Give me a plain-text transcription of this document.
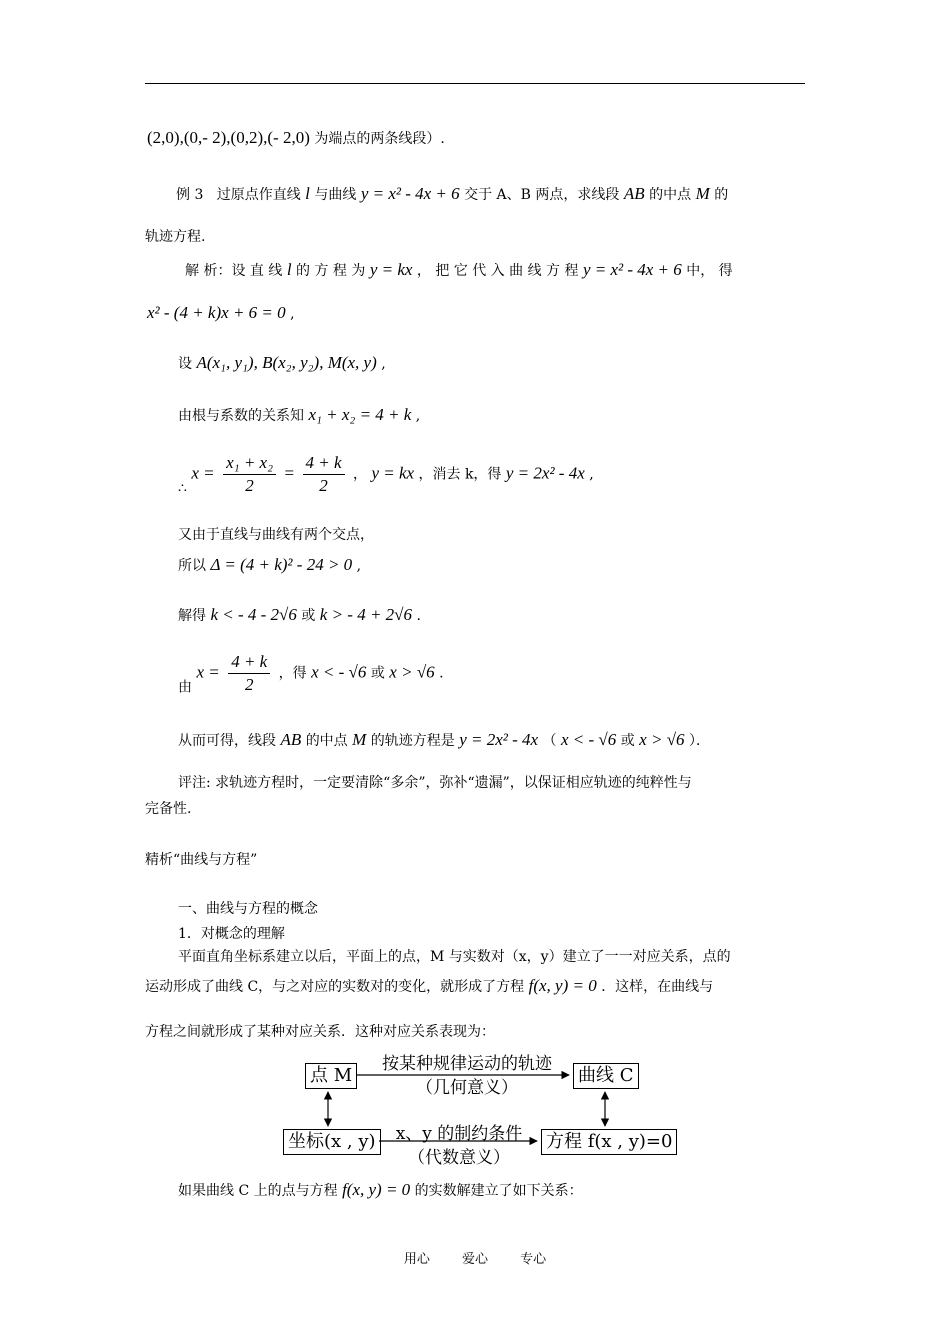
(2,0),(0,- 2),(0,2),(- 2,0) 为端点的两条线段）.
例 3 过原点作直线 l 与曲线 y = x² - 4x + 6 交于 A、B 两点，求线段 AB 的中点 M 的
轨迹方程.
解 析：设 直 线 l 的 方 程 为 y = kx ， 把 它 代 入 曲 线 方 程 y = x² - 4x + 6 中， 得
x² - (4 + k)x + 6 = 0 ,
设 A(x₁, y₁), B(x₂, y₂), M(x, y) ,
由根与系数的关系知 x₁ + x₂ = 4 + k ,
∴ $x = \frac{\text{x₁ + x₂}}{2} = \frac{4 + k}{2}$ ， y = kx ，消去 k，得 y = 2x² - 4x ,
又由于直线与曲线有两个交点，
所以 Δ = (4 + k)² - 24 > 0 ,
解得 k < - 4 - 2√6 或 k > - 4 + 2√6 .
由 $x = \frac{4 + k}{2}$ ，得 x < - √6 或 x > √6 .
从而可得，线段 AB 的中点 M 的轨迹方程是 y = 2x² - 4x （ x < - √6 或 x > √6 ）．
评注: 求轨迹方程时，一定要清除“多余”，弥补“遗漏”，以保证相应轨迹的纯粹性与
完备性.
精析“曲线与方程”
一、曲线与方程的概念
1．对概念的理解
平面直角坐标系建立以后，平面上的点，M 与实数对（x，y）建立了一一对应关系，点的
运动形成了曲线 C，与之对应的实数对的变化，就形成了方程 f(x, y) = 0 ．这样，在曲线与
方程之间就形成了某种对应关系．这种对应关系表现为：
点 M	曲线 C
坐标(x , y)	方程 f(x , y)=0
按某种规律运动的轨迹
（几何意义）
x、y 的制约条件
（代数意义）
如果曲线 C 上的点与方程 f(x, y) = 0 的实数解建立了如下关系：
用心 爱心 专心
